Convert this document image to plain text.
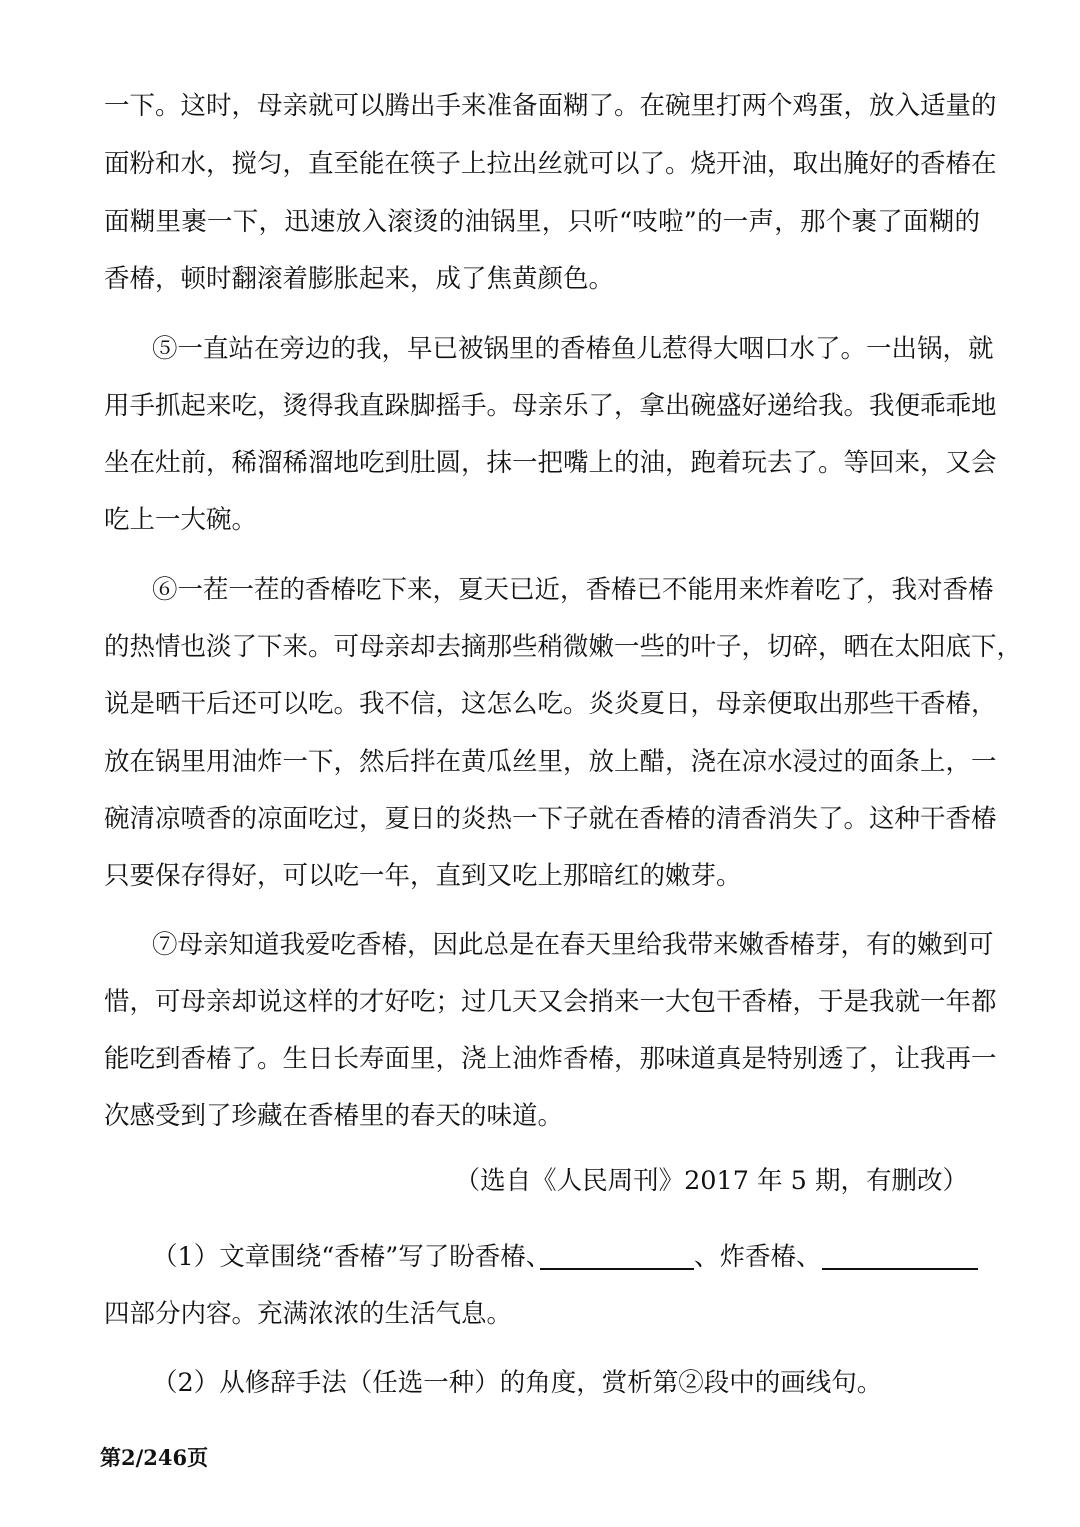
一下。这时，母亲就可以腾出手来准备面糊了。在碗里打两个鸡蛋，放入适量的
面粉和水，搅匀，直至能在筷子上拉出丝就可以了。烧开油，取出腌好的香椿在
面糊里裹一下，迅速放入滚烫的油锅里，只听“吱啦”的一声，那个裹了面糊的
香椿，顿时翻滚着膨胀起来，成了焦黄颜色。
⑤一直站在旁边的我，早已被锅里的香椿鱼儿惹得大咽口水了。一出锅，就
用手抓起来吃，烫得我直跺脚摇手。母亲乐了，拿出碗盛好递给我。我便乖乖地
坐在灶前，稀溜稀溜地吃到肚圆，抹一把嘴上的油，跑着玩去了。等回来，又会
吃上一大碗。
⑥一茬一茬的香椿吃下来，夏天已近，香椿已不能用来炸着吃了，我对香椿
的热情也淡了下来。可母亲却去摘那些稍微嫩一些的叶子，切碎，晒在太阳底下，
说是晒干后还可以吃。我不信，这怎么吃。炎炎夏日，母亲便取出那些干香椿，
放在锅里用油炸一下，然后拌在黄瓜丝里，放上醋，浇在凉水浸过的面条上，一
碗清凉喷香的凉面吃过，夏日的炎热一下子就在香椿的清香消失了。这种干香椿
只要保存得好，可以吃一年，直到又吃上那暗红的嫩芽。
⑦母亲知道我爱吃香椿，因此总是在春天里给我带来嫩香椿芽，有的嫩到可
惜，可母亲却说这样的才好吃；过几天又会捎来一大包干香椿，于是我就一年都
能吃到香椿了。生日长寿面里，浇上油炸香椿，那味道真是特别透了，让我再一
次感受到了珍藏在香椿里的春天的味道。
（选自《人民周刊》2017 年 5 期，有删改）
（1）文章围绕“香椿”写了盼香椿、	、炸香椿、
四部分内容。充满浓浓的生活气息。
（2）从修辞手法（任选一种）的角度，赏析第②段中的画线句。
第2/246页
